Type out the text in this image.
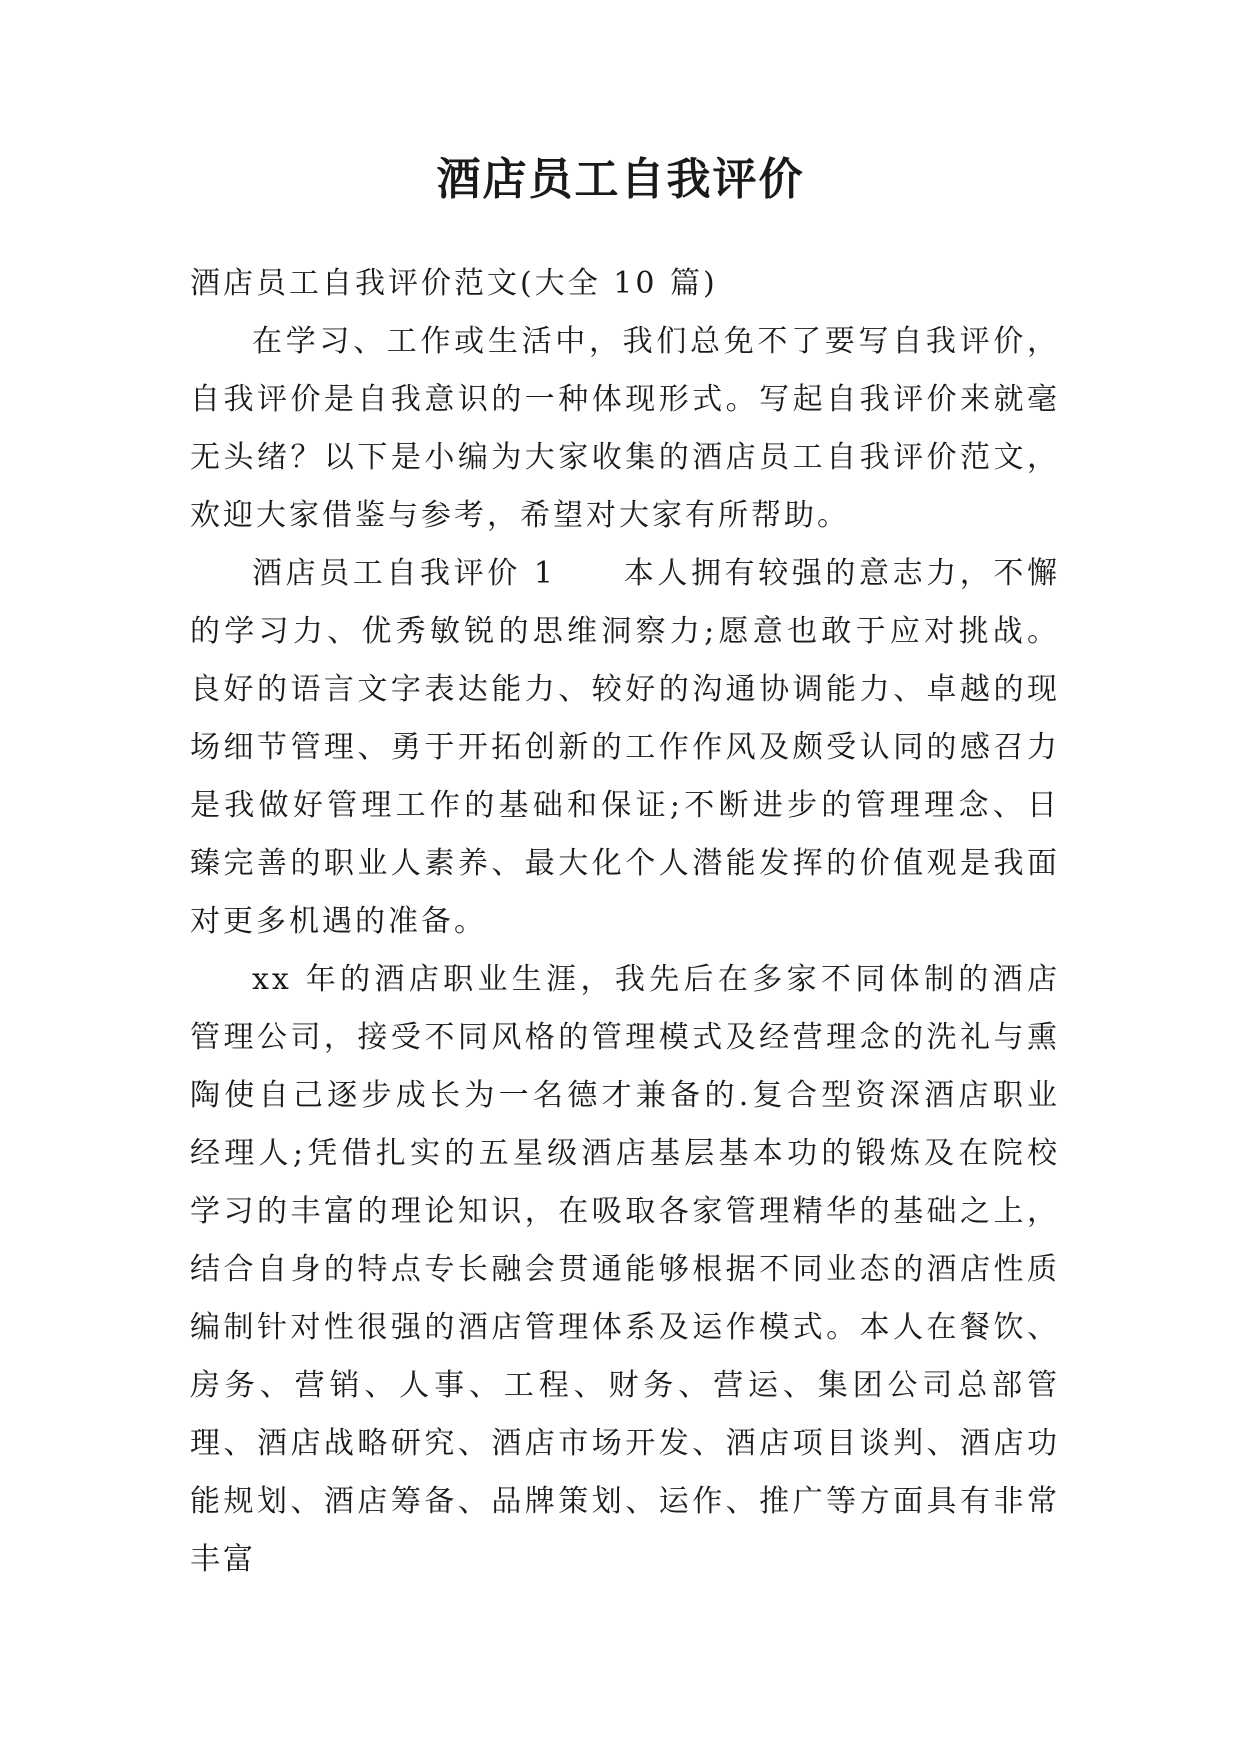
酒店员工自我评价

酒店员工自我评价范文(大全 10 篇)

在学习、工作或生活中，我们总免不了要写自我评价，自我评价是自我意识的一种体现形式。写起自我评价来就毫无头绪？以下是小编为大家收集的酒店员工自我评价范文，欢迎大家借鉴与参考，希望对大家有所帮助。

酒店员工自我评价 1　　本人拥有较强的意志力，不懈的学习力、优秀敏锐的思维洞察力;愿意也敢于应对挑战。良好的语言文字表达能力、较好的沟通协调能力、卓越的现场细节管理、勇于开拓创新的工作作风及颇受认同的感召力是我做好管理工作的基础和保证;不断进步的管理理念、日臻完善的职业人素养、最大化个人潜能发挥的价值观是我面对更多机遇的准备。

xx 年的酒店职业生涯，我先后在多家不同体制的酒店管理公司，接受不同风格的管理模式及经营理念的洗礼与熏陶使自己逐步成长为一名德才兼备的.复合型资深酒店职业经理人;凭借扎实的五星级酒店基层基本功的锻炼及在院校学习的丰富的理论知识，在吸取各家管理精华的基础之上，结合自身的特点专长融会贯通能够根据不同业态的酒店性质编制针对性很强的酒店管理体系及运作模式。本人在餐饮、房务、营销、人事、工程、财务、营运、集团公司总部管理、酒店战略研究、酒店市场开发、酒店项目谈判、酒店功能规划、酒店筹备、品牌策划、运作、推广等方面具有非常丰富
